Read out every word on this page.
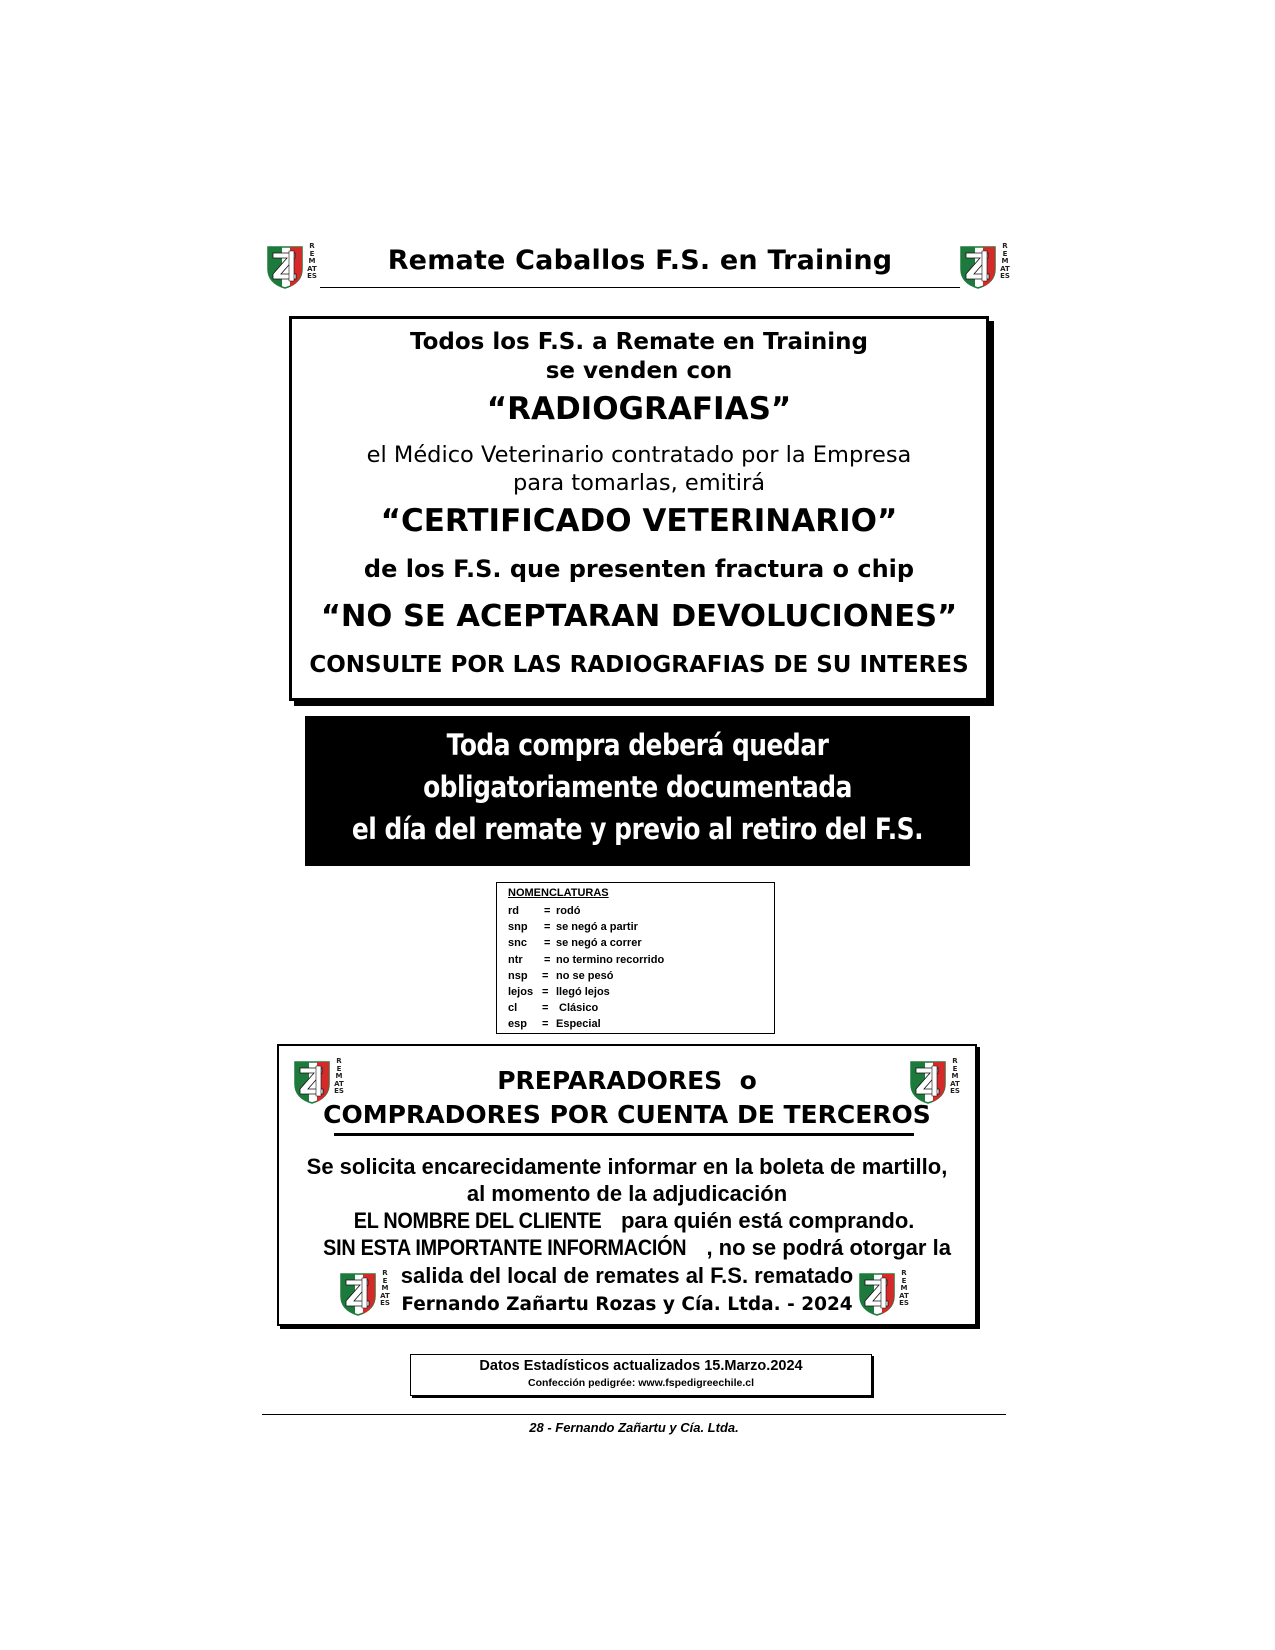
REMATES
REMATES
Remate Caballos F.S. en Training
Todos los F.S. a Remate en Training
se venden con
“RADIOGRAFIAS”
el Médico Veterinario contratado por la Empresa
para tomarlas, emitirá
“CERTIFICADO VETERINARIO”
de los F.S. que presenten fractura o chip
“NO SE ACEPTARAN DEVOLUCIONES”
CONSULTE POR LAS RADIOGRAFIAS DE SU INTERES
Toda compra deberá quedar
obligatoriamente documentada
el día del remate y previo al retiro del F.S.
NOMENCLATURAS
rd = rodó
snp = se negó a partir
snc = se negó a correr
ntr = no termino recorrido
nsp = no se pesó
lejos = llegó lejos
cl = Clásico
esp = Especial
REMATES
REMATES
PREPARADORES  o
COMPRADORES POR CUENTA DE TERCEROS
Se solicita encarecidamente informar en la boleta de martillo,
al momento de la adjudicación
EL NOMBRE DEL CLIENTE para quién está comprando.
SIN ESTA IMPORTANTE INFORMACIÓN , no se podrá otorgar la
salida del local de remates al F.S. rematado
REMATES
REMATES
Fernando Zañartu Rozas y Cía. Ltda. - 2024
Datos Estadísticos actualizados 15.Marzo.2024
Confección pedigrée: www.fspedigreechile.cl
28 - Fernando Zañartu y Cía. Ltda.
